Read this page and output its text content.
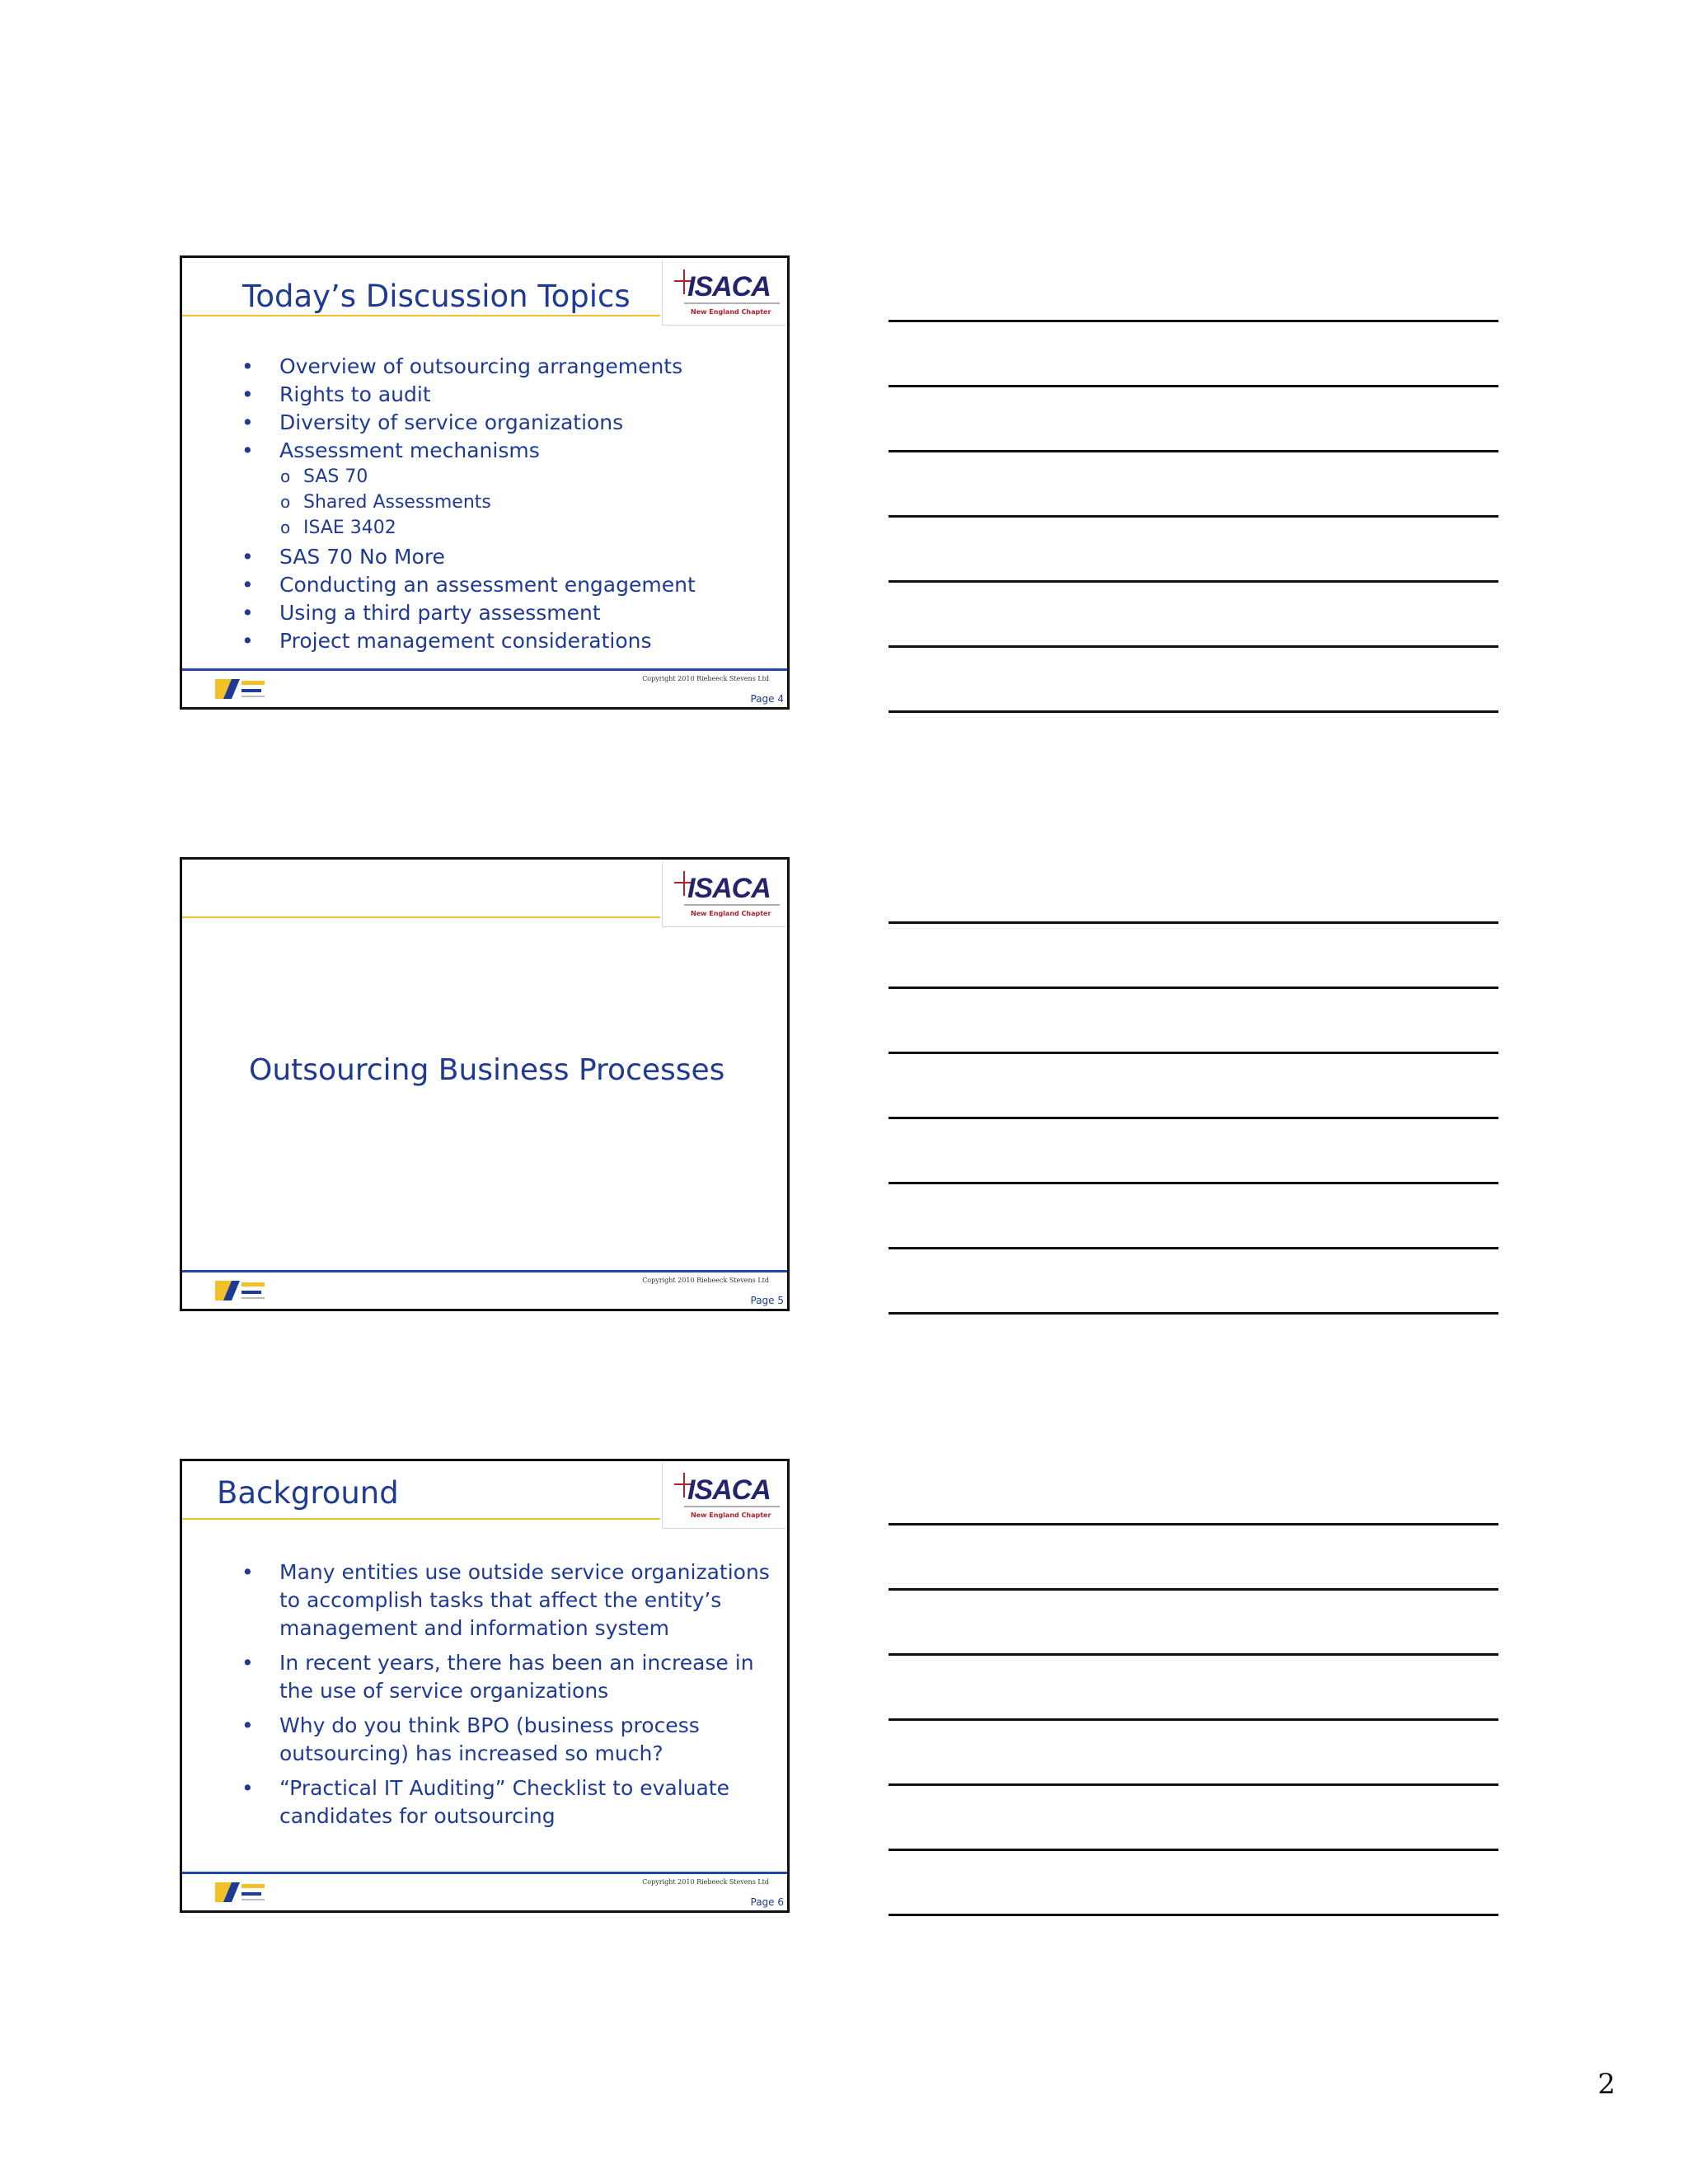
Today’s Discussion Topics ISACA
New England Chapter
• Overview of outsourcing arrangements
• Rights to audit
• Diversity of service organizations
• Assessment mechanisms
o SAS 70
o Shared Assessments
o ISAE 3402
• SAS 70 No More
• Conducting an assessment engagement
• Using a third party assessment
• Project management considerations
Copyright 2010 Riebeeck Stevens Ltd
Page 4
ISACA
New England Chapter
Outsourcing Business Processes
Copyright 2010 Riebeeck Stevens Ltd
Page 5
Background	ISACA
New England Chapter
• Many entities use outside service organizations
to accomplish tasks that affect the entity’s
management and information system
• In recent years, there has been an increase in
the use of service organizations
• Why do you think BPO (business process
outsourcing) has increased so much?
• “Practical IT Auditing” Checklist to evaluate
candidates for outsourcing
Copyright 2010 Riebeeck Stevens Ltd
Page 6
2
